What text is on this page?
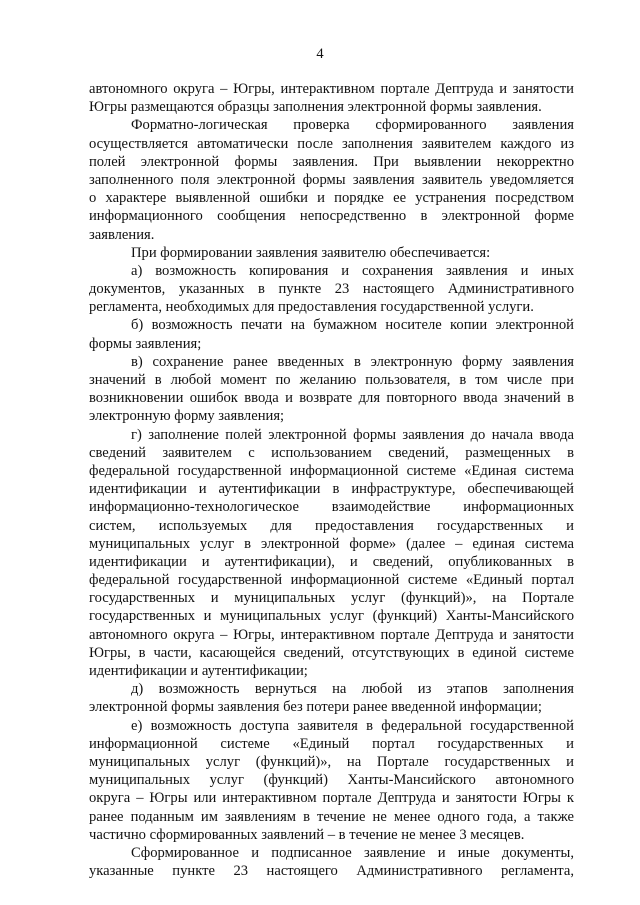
4
автономного округа – Югры, интерактивном портале Дептруда и занятости
Югры размещаются образцы заполнения электронной формы заявления.
Форматно-логическая проверка сформированного заявления
осуществляется автоматически после заполнения заявителем каждого из
полей электронной формы заявления. При выявлении некорректно
заполненного поля электронной формы заявления заявитель уведомляется
о характере выявленной ошибки и порядке ее устранения посредством
информационного сообщения непосредственно в электронной форме
заявления.
При формировании заявления заявителю обеспечивается:
а) возможность копирования и сохранения заявления и иных
документов, указанных в пункте 23 настоящего Административного
регламента, необходимых для предоставления государственной услуги.
б) возможность печати на бумажном носителе копии электронной
формы заявления;
в) сохранение ранее введенных в электронную форму заявления
значений в любой момент по желанию пользователя, в том числе при
возникновении ошибок ввода и возврате для повторного ввода значений в
электронную форму заявления;
г) заполнение полей электронной формы заявления до начала ввода
сведений заявителем с использованием сведений, размещенных в
федеральной государственной информационной системе «Единая система
идентификации и аутентификации в инфраструктуре, обеспечивающей
информационно-технологическое взаимодействие информационных
систем, используемых для предоставления государственных и
муниципальных услуг в электронной форме» (далее – единая система
идентификации и аутентификации), и сведений, опубликованных в
федеральной государственной информационной системе «Единый портал
государственных и муниципальных услуг (функций)», на Портале
государственных и муниципальных услуг (функций) Ханты-Мансийского
автономного округа – Югры, интерактивном портале Дептруда и занятости
Югры, в части, касающейся сведений, отсутствующих в единой системе
идентификации и аутентификации;
д) возможность вернуться на любой из этапов заполнения
электронной формы заявления без потери ранее введенной информации;
е) возможность доступа заявителя в федеральной государственной
информационной системе «Единый портал государственных и
муниципальных услуг (функций)», на Портале государственных и
муниципальных услуг (функций) Ханты-Мансийского автономного
округа – Югры или интерактивном портале Дептруда и занятости Югры к
ранее поданным им заявлениям в течение не менее одного года, а также
частично сформированных заявлений – в течение не менее 3 месяцев.
Сформированное и подписанное заявление и иные документы,
указанные пункте 23 настоящего Административного регламента,
